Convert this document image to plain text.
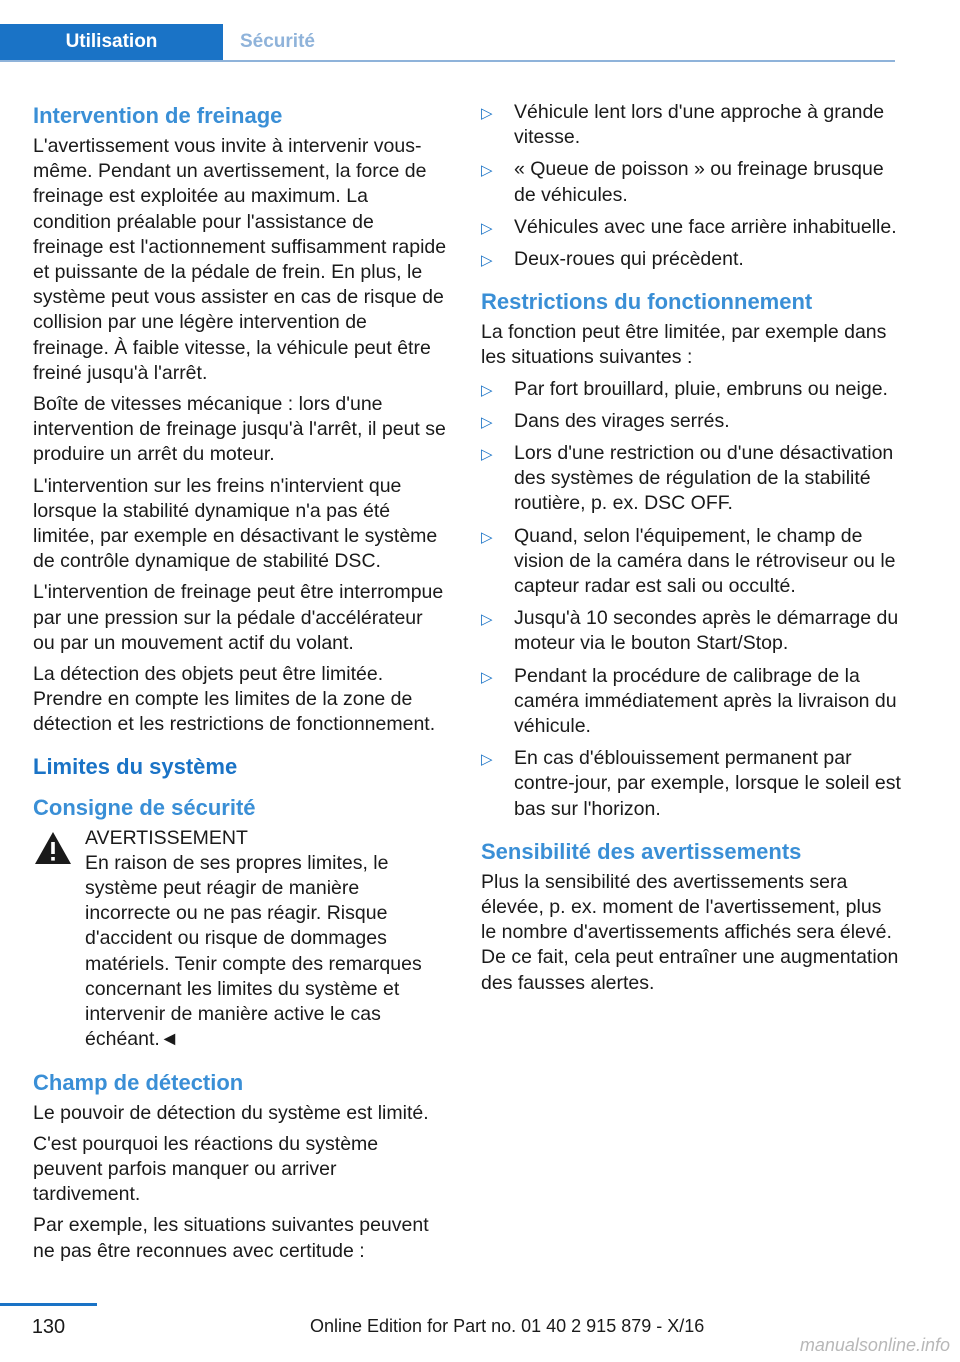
Utilisation	Sécurité
Intervention de freinage

L'avertissement vous invite à intervenir vous-même. Pendant un avertissement, la force de freinage est exploitée au maximum. La condition préalable pour l'assistance de freinage est l'actionnement suffisamment rapide et puissante de la pédale de frein. En plus, le système peut vous assister en cas de risque de collision par une légère intervention de freinage. À faible vitesse, la véhicule peut être freiné jusqu'à l'arrêt.

Boîte de vitesses mécanique : lors d'une intervention de freinage jusqu'à l'arrêt, il peut se produire un arrêt du moteur.

L'intervention sur les freins n'intervient que lorsque la stabilité dynamique n'a pas été limitée, par exemple en désactivant le système de contrôle dynamique de stabilité DSC.

L'intervention de freinage peut être interrompue par une pression sur la pédale d'accélérateur ou par un mouvement actif du volant.

La détection des objets peut être limitée. Prendre en compte les limites de la zone de détection et les restrictions de fonctionnement.

Limites du système
Consigne de sécurité
AVERTISSEMENT
En raison de ses propres limites, le système peut réagir de manière incorrecte ou ne pas réagir. Risque d'accident ou risque de dommages matériels. Tenir compte des remarques concernant les limites du système et intervenir de manière active le cas échéant.◄
Champ de détection

Le pouvoir de détection du système est limité.

C'est pourquoi les réactions du système peuvent parfois manquer ou arriver tardivement.

Par exemple, les situations suivantes peuvent ne pas être reconnues avec certitude :

▷ Véhicule lent lors d'une approche à grande vitesse.
▷ « Queue de poisson » ou freinage brusque de véhicules.
▷ Véhicules avec une face arrière inhabituelle.
▷ Deux-roues qui précèdent.
Restrictions du fonctionnement

La fonction peut être limitée, par exemple dans les situations suivantes :

▷ Par fort brouillard, pluie, embruns ou neige.
▷ Dans des virages serrés.
▷ Lors d'une restriction ou d'une désactivation des systèmes de régulation de la stabilité routière, p. ex. DSC OFF.
▷ Quand, selon l'équipement, le champ de vision de la caméra dans le rétroviseur ou le capteur radar est sali ou occulté.
▷ Jusqu'à 10 secondes après le démarrage du moteur via le bouton Start/Stop.
▷ Pendant la procédure de calibrage de la caméra immédiatement après la livraison du véhicule.
▷ En cas d'éblouissement permanent par contre-jour, par exemple, lorsque le soleil est bas sur l'horizon.
Sensibilité des avertissements

Plus la sensibilité des avertissements sera élevée, p. ex. moment de l'avertissement, plus le nombre d'avertissements affichés sera élevé. De ce fait, cela peut entraîner une augmentation des fausses alertes.

130	Online Edition for Part no. 01 40 2 915 879 - X/16
manualsonline.info
